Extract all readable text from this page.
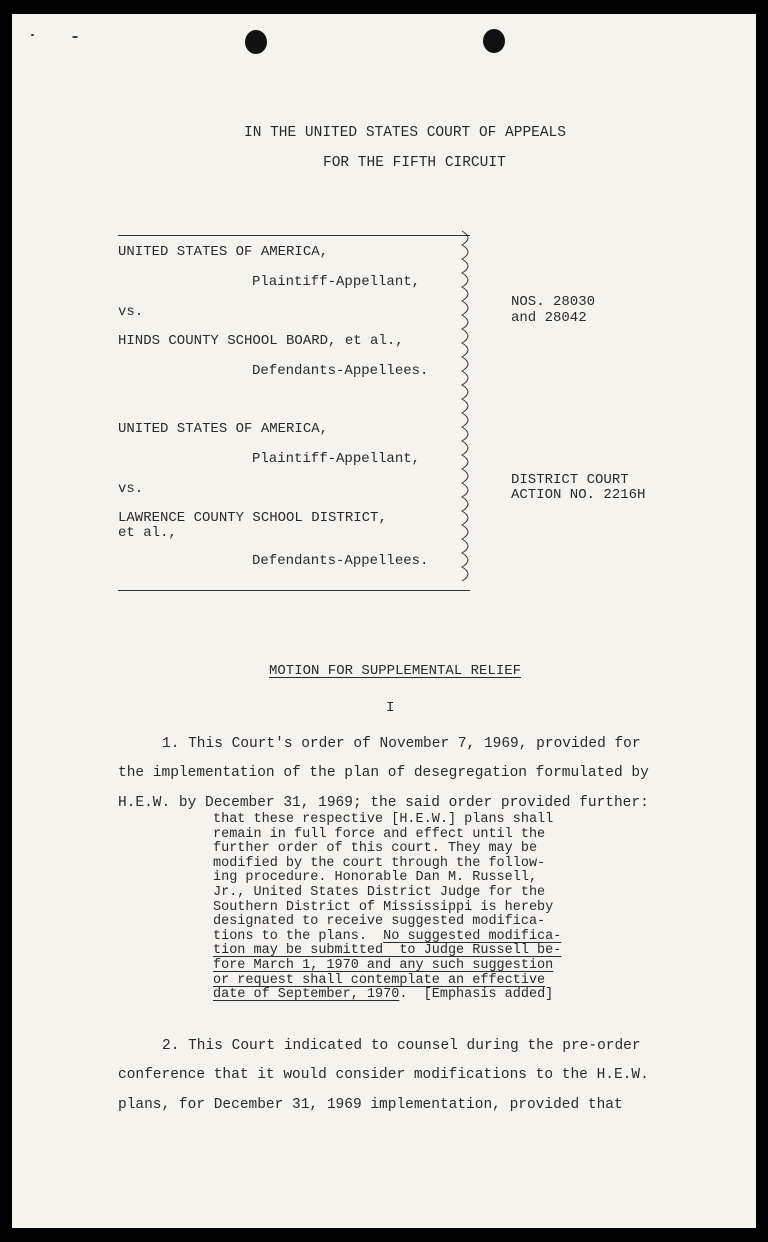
IN THE UNITED STATES COURT OF APPEALS
FOR THE FIFTH CIRCUIT
UNITED STATES OF AMERICA,
Plaintiff-Appellant,
vs.
HINDS COUNTY SCHOOL BOARD, et al.,
Defendants-Appellees.
UNITED STATES OF AMERICA,
Plaintiff-Appellant,
vs.
LAWRENCE COUNTY SCHOOL DISTRICT,
et al.,
Defendants-Appellees.
NOS. 28030
and 28042
DISTRICT COURT
ACTION NO. 2216H
MOTION FOR SUPPLEMENTAL RELIEF
I
1. This Court's order of November 7, 1969, provided for
the implementation of the plan of desegregation formulated by
H.E.W. by December 31, 1969; the said order provided further:
that these respective [H.E.W.] plans shall
remain in full force and effect until the
further order of this court. They may be
modified by the court through the follow-
ing procedure. Honorable Dan M. Russell,
Jr., United States District Judge for the
Southern District of Mississippi is hereby
designated to receive suggested modifica-
tions to the plans.  No suggested modifica-
tion may be submitted  to Judge Russell be-
fore March 1, 1970 and any such suggestion
or request shall contemplate an effective
date of September, 1970.  [Emphasis added]
2. This Court indicated to counsel during the pre-order
conference that it would consider modifications to the H.E.W.
plans, for December 31, 1969 implementation, provided that
